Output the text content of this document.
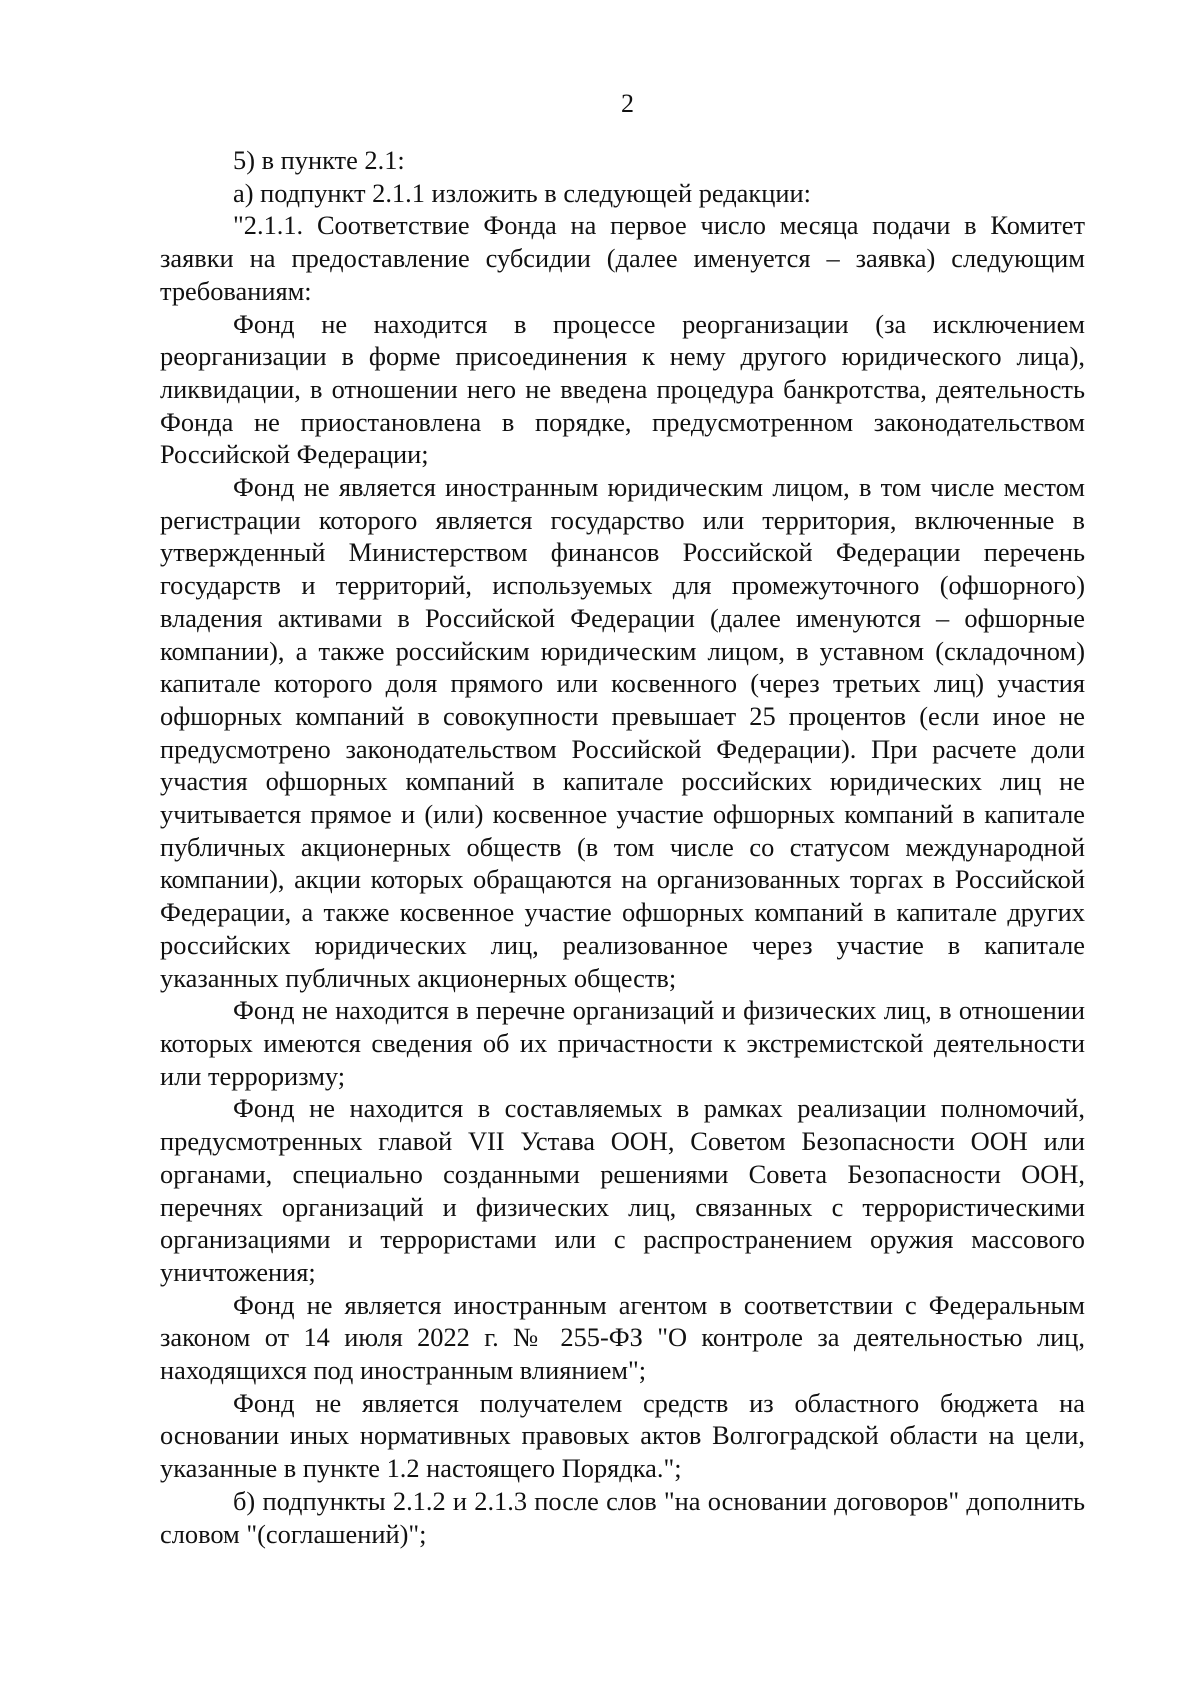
2

5) в пункте 2.1:

а) подпункт 2.1.1 изложить в следующей редакции:

"2.1.1. Соответствие Фонда на первое число месяца подачи в Комитет заявки на предоставление субсидии (далее именуется – заявка) следующим требованиям:

Фонд не находится в процессе реорганизации (за исключением реорганизации в форме присоединения к нему другого юридического лица), ликвидации, в отношении него не введена процедура банкротства, деятельность Фонда не приостановлена в порядке, предусмотренном законодательством Российской Федерации;

Фонд не является иностранным юридическим лицом, в том числе местом регистрации которого является государство или территория, включенные в утвержденный Министерством финансов Российской Федерации перечень государств и территорий, используемых для промежуточного (офшорного) владения активами в Российской Федерации (далее именуются – офшорные компании), а также российским юридическим лицом, в уставном (складочном) капитале которого доля прямого или косвенного (через третьих лиц) участия офшорных компаний в совокупности превышает 25 процентов (если иное не предусмотрено законодательством Российской Федерации). При расчете доли участия офшорных компаний в капитале российских юридических лиц не учитывается прямое и (или) косвенное участие офшорных компаний в капитале публичных акционерных обществ (в том числе со статусом международной компании), акции которых обращаются на организованных торгах в Российской Федерации, а также косвенное участие офшорных компаний в капитале других российских юридических лиц, реализованное через участие в капитале указанных публичных акционерных обществ;

Фонд не находится в перечне организаций и физических лиц, в отношении которых имеются сведения об их причастности к экстремистской деятельности или терроризму;

Фонд не находится в составляемых в рамках реализации полномочий, предусмотренных главой VII Устава ООН, Советом Безопасности ООН или органами, специально созданными решениями Совета Безопасности ООН, перечнях организаций и физических лиц, связанных с террористическими организациями и террористами или с распространением оружия массового уничтожения;

Фонд не является иностранным агентом в соответствии с Федеральным законом от 14 июля 2022 г. № 255-ФЗ "О контроле за деятельностью лиц, находящихся под иностранным влиянием";

Фонд не является получателем средств из областного бюджета на основании иных нормативных правовых актов Волгоградской области на цели, указанные в пункте 1.2 настоящего Порядка.";

б) подпункты 2.1.2 и 2.1.3 после слов "на основании договоров" дополнить словом "(соглашений)";
